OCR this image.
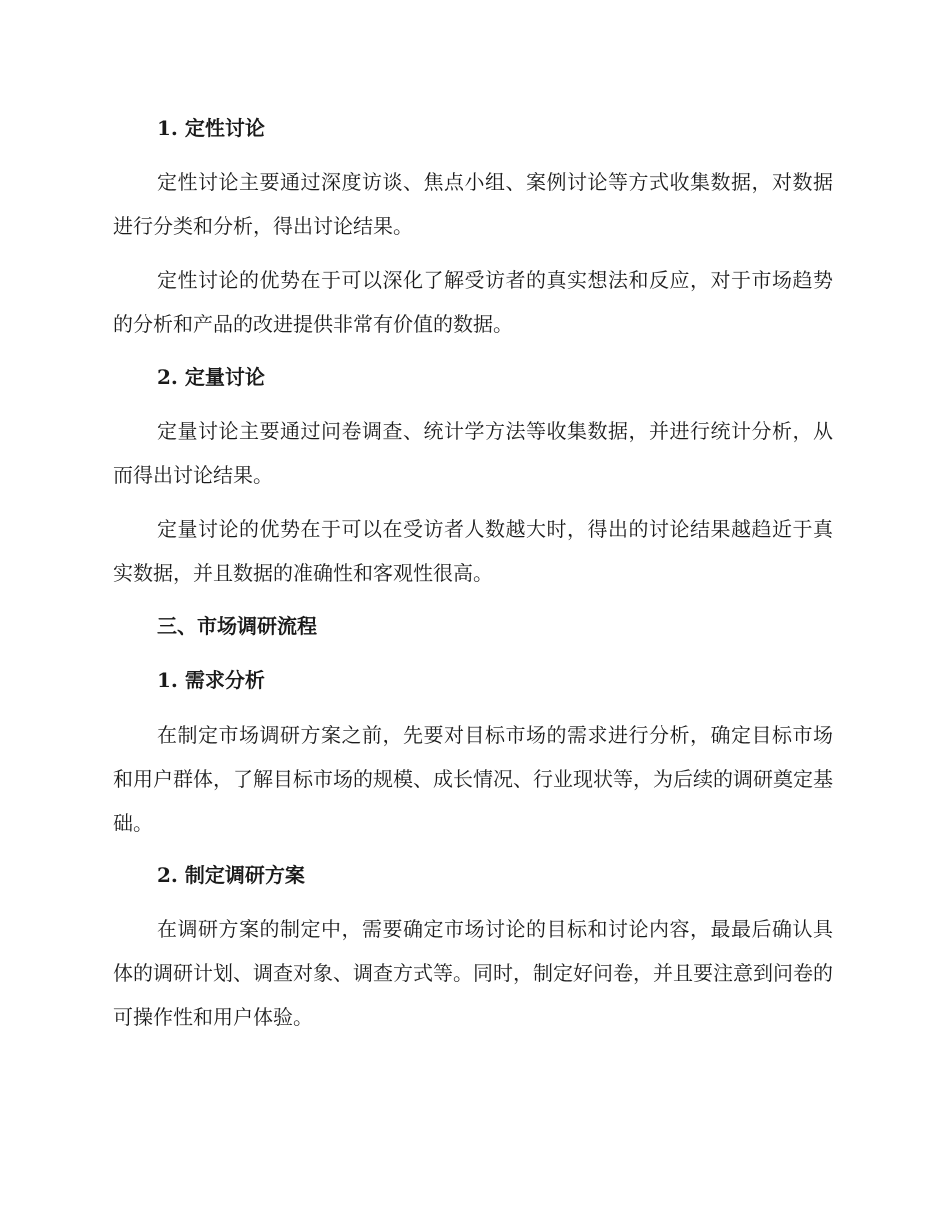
1. 定性讨论
定性讨论主要通过深度访谈、焦点小组、案例讨论等方式收集数据，对数据进行分类和分析，得出讨论结果。
定性讨论的优势在于可以深化了解受访者的真实想法和反应，对于市场趋势的分析和产品的改进提供非常有价值的数据。
2. 定量讨论
定量讨论主要通过问卷调查、统计学方法等收集数据，并进行统计分析，从而得出讨论结果。
定量讨论的优势在于可以在受访者人数越大时，得出的讨论结果越趋近于真实数据，并且数据的准确性和客观性很高。
三、市场调研流程
1. 需求分析
在制定市场调研方案之前，先要对目标市场的需求进行分析，确定目标市场和用户群体，了解目标市场的规模、成长情况、行业现状等，为后续的调研奠定基础。
2. 制定调研方案
在调研方案的制定中，需要确定市场讨论的目标和讨论内容，最最后确认具体的调研计划、调查对象、调查方式等。同时，制定好问卷，并且要注意到问卷的可操作性和用户体验。
